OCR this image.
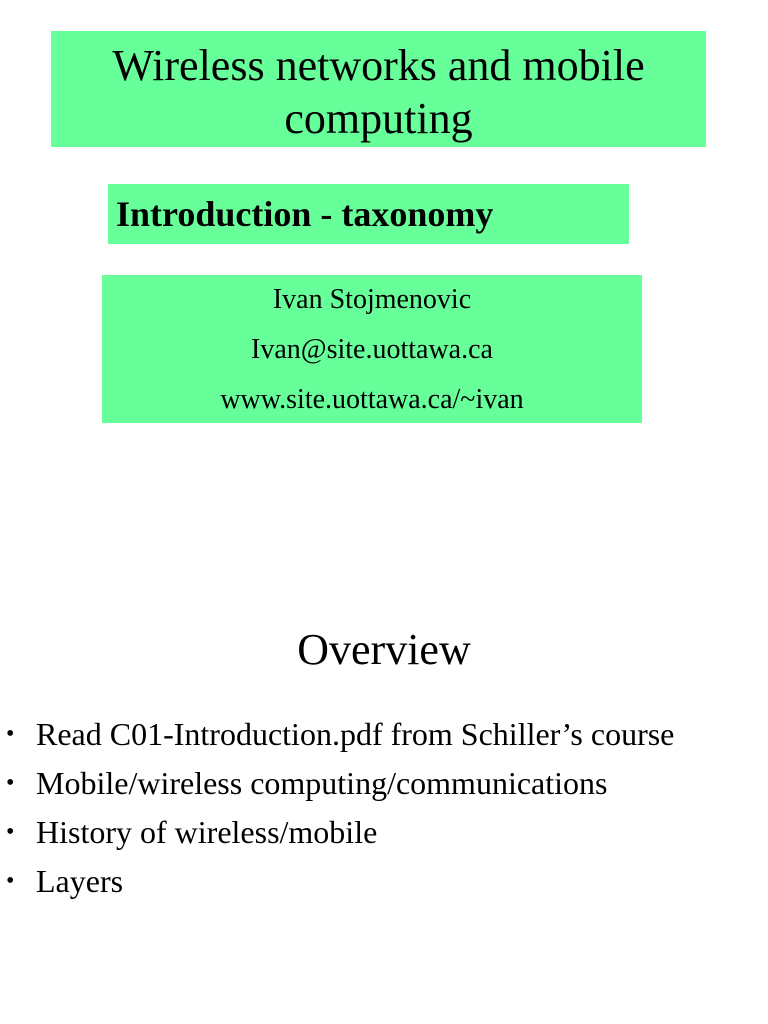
Wireless networks and mobile computing
Introduction - taxonomy
Ivan Stojmenovic
Ivan@site.uottawa.ca
www.site.uottawa.ca/~ivan
Overview
• Read C01-Introduction.pdf from Schiller’s course
• Mobile/wireless computing/communications
• History of wireless/mobile
• Layers
